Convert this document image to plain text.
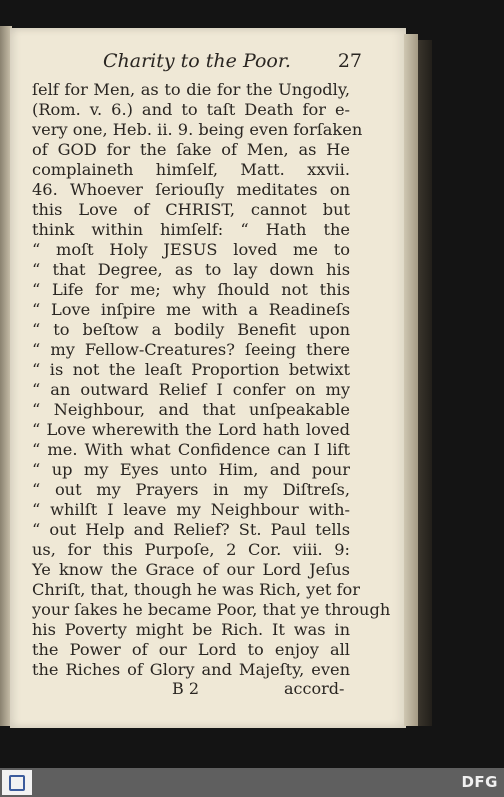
Charity to the Poor. 27
ſelf for Men, as to die for the Ungodly,
(Rom. v. 6.) and to taſt Death for e-
very one, Heb. ii. 9. being even forſaken
of GOD for the ſake of Men, as He
complaineth himſelf, Matt. xxvii.
46. Whoever ſeriouſly meditates on
this Love of CHRIST, cannot but
think within himſelf: “ Hath the
“ moſt Holy JESUS loved me to
“ that Degree, as to lay down his
“ Life for me; why ſhould not this
“ Love inſpire me with a Readineſs
“ to beſtow a bodily Benefit upon
“ my Fellow-Creatures? ſeeing there
“ is not the leaſt Proportion betwixt
“ an outward Relief I confer on my
“ Neighbour, and that unſpeakable
“ Love wherewith the Lord hath loved
“ me. With what Confidence can I lift
“ up my Eyes unto Him, and pour
“ out my Prayers in my Diſtreſs,
“ whilſt I leave my Neighbour with-
“ out Help and Relief? St. Paul tells
us, for this Purpoſe, 2 Cor. viii. 9:
Ye know the Grace of our Lord Jeſus
Chriſt, that, though he was Rich, yet for
your ſakes he became Poor, that ye through
his Poverty might be Rich. It was in
the Power of our Lord to enjoy all
the Riches of Glory and Majeſty, even
B 2	accord-
DFG
